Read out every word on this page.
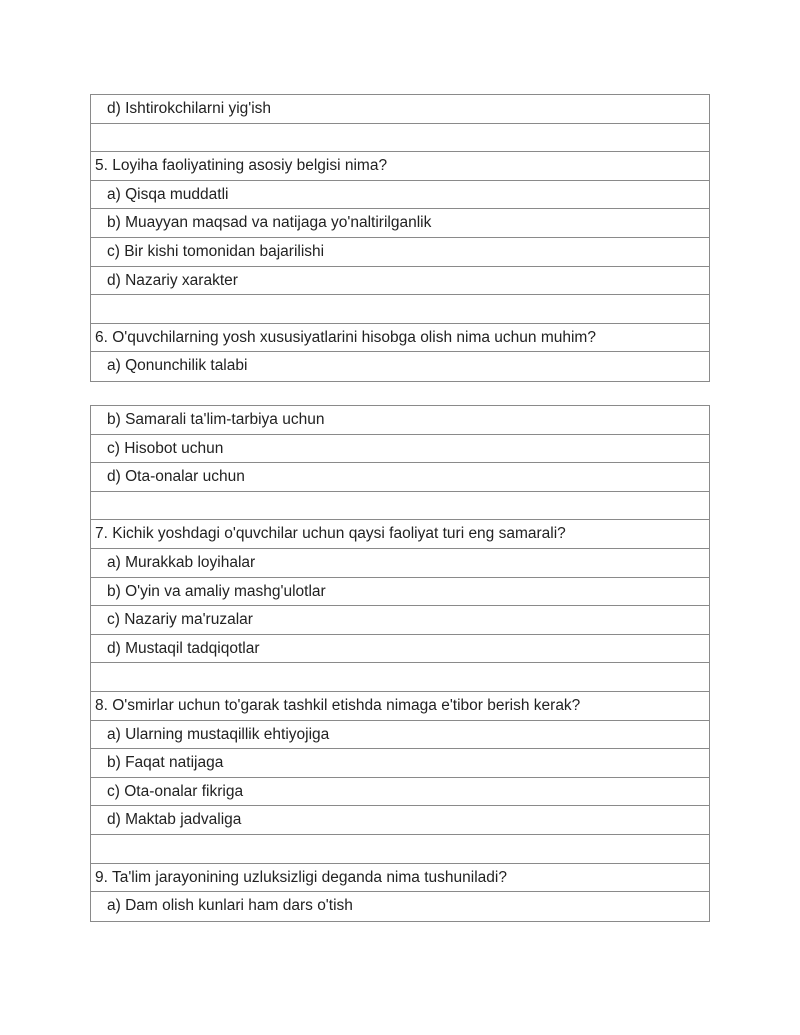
d) Ishtirokchilarni yig'ish
5. Loyiha faoliyatining asosiy belgisi nima?
a) Qisqa muddatli
b) Muayyan maqsad va natijaga yo'naltirilganlik
c) Bir kishi tomonidan bajarilishi
d) Nazariy xarakter
6. O'quvchilarning yosh xususiyatlarini hisobga olish nima uchun muhim?
a) Qonunchilik talabi
b) Samarali ta'lim-tarbiya uchun
c) Hisobot uchun
d) Ota-onalar uchun
7. Kichik yoshdagi o'quvchilar uchun qaysi faoliyat turi eng samarali?
a) Murakkab loyihalar
b) O'yin va amaliy mashg'ulotlar
c) Nazariy ma'ruzalar
d) Mustaqil tadqiqotlar
8. O'smirlar uchun to'garak tashkil etishda nimaga e'tibor berish kerak?
a) Ularning mustaqillik ehtiyojiga
b) Faqat natijaga
c) Ota-onalar fikriga
d) Maktab jadvaliga
9. Ta'lim jarayonining uzluksizligi deganda nima tushuniladi?
a) Dam olish kunlari ham dars o'tish
